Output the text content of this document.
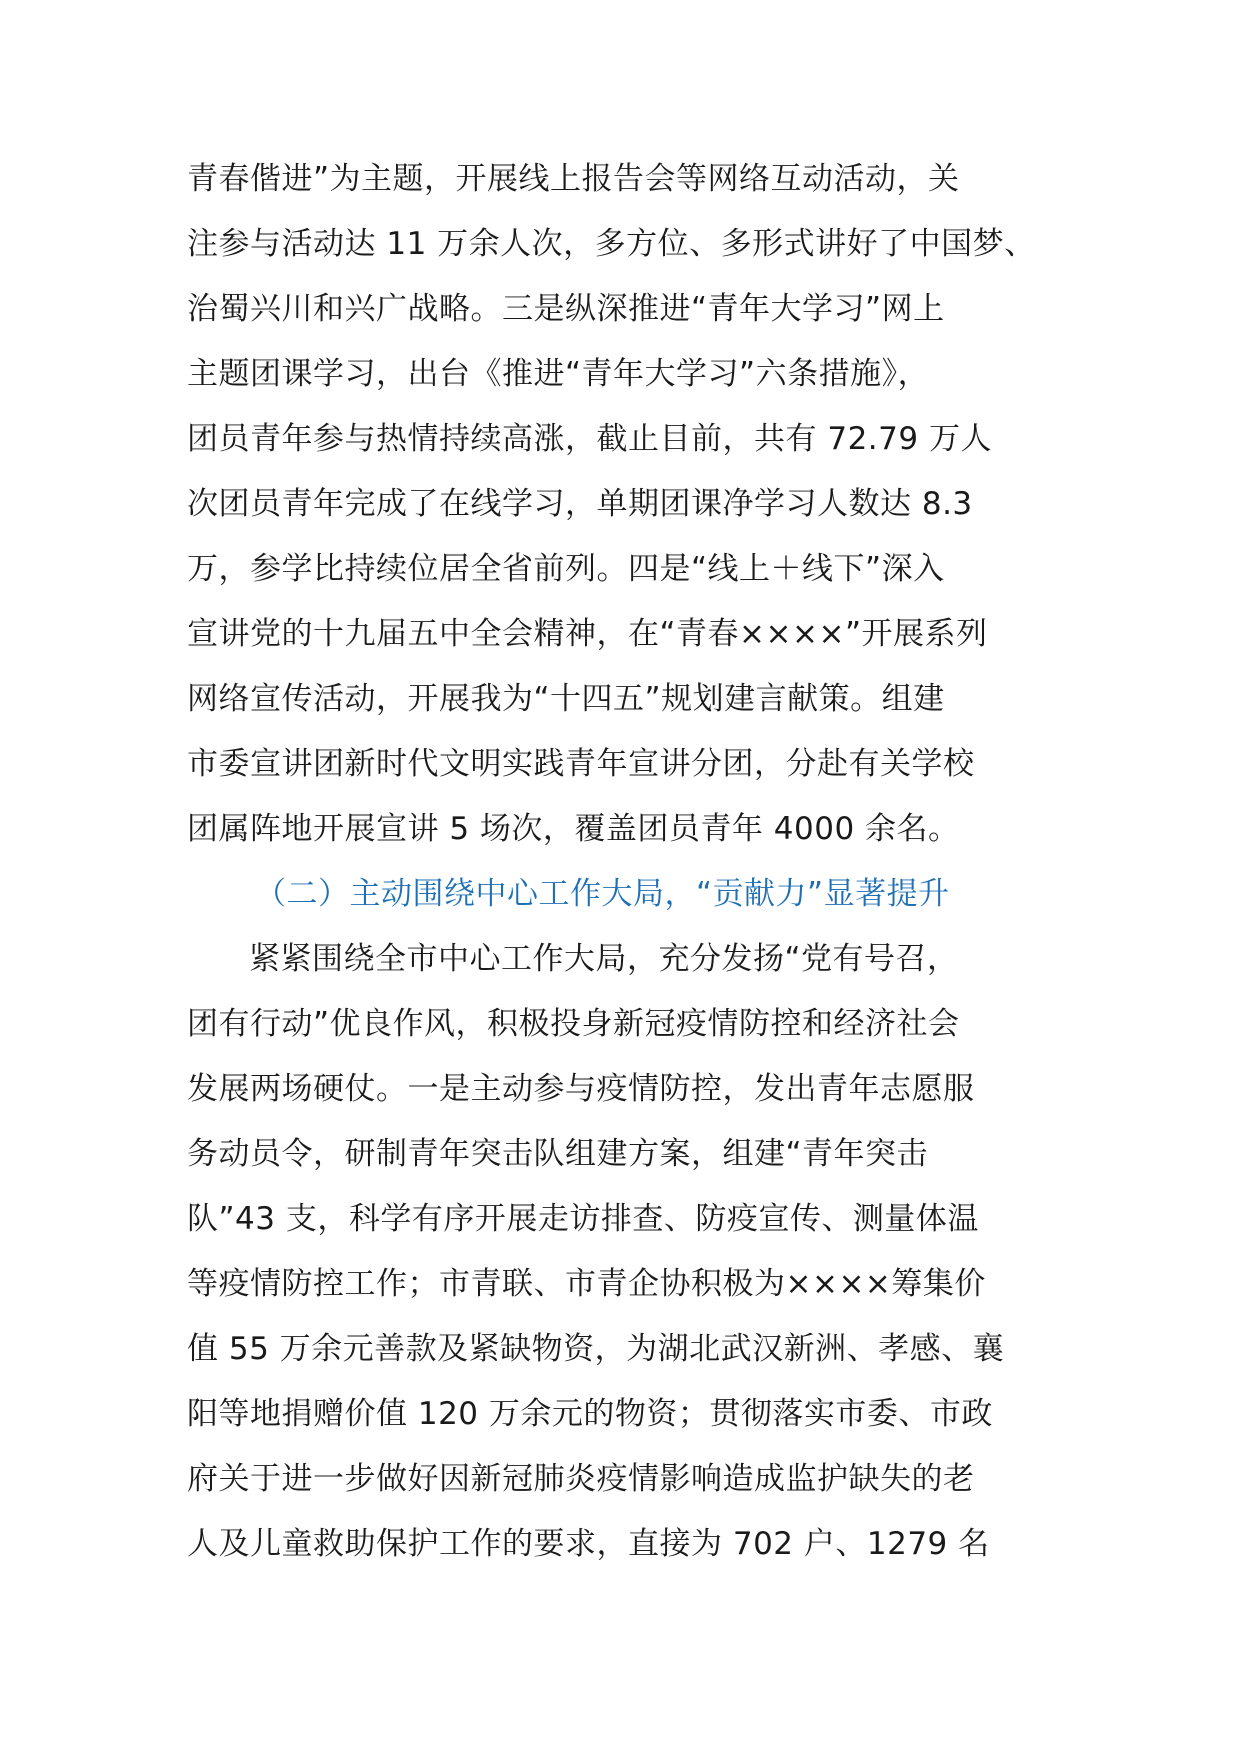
青春偕进”为主题，开展线上报告会等网络互动活动，关
注参与活动达 11 万余人次，多方位、多形式讲好了中国梦、
治蜀兴川和兴广战略。三是纵深推进“青年大学习”网上
主题团课学习，出台《推进“青年大学习”六条措施》，
团员青年参与热情持续高涨，截止目前，共有 72.79 万人
次团员青年完成了在线学习，单期团课净学习人数达 8.3
万，参学比持续位居全省前列。四是“线上＋线下”深入
宣讲党的十九届五中全会精神，在“青春××××”开展系列
网络宣传活动，开展我为“十四五”规划建言献策。组建
市委宣讲团新时代文明实践青年宣讲分团，分赴有关学校
团属阵地开展宣讲 5 场次，覆盖团员青年 4000 余名。
（二）主动围绕中心工作大局，“贡献力”显著提升
紧紧围绕全市中心工作大局，充分发扬“党有号召，
团有行动”优良作风，积极投身新冠疫情防控和经济社会
发展两场硬仗。一是主动参与疫情防控，发出青年志愿服
务动员令，研制青年突击队组建方案，组建“青年突击
队”43 支，科学有序开展走访排查、防疫宣传、测量体温
等疫情防控工作；市青联、市青企协积极为××××筹集价
值 55 万余元善款及紧缺物资，为湖北武汉新洲、孝感、襄
阳等地捐赠价值 120 万余元的物资；贯彻落实市委、市政
府关于进一步做好因新冠肺炎疫情影响造成监护缺失的老
人及儿童救助保护工作的要求，直接为 702 户、1279 名
